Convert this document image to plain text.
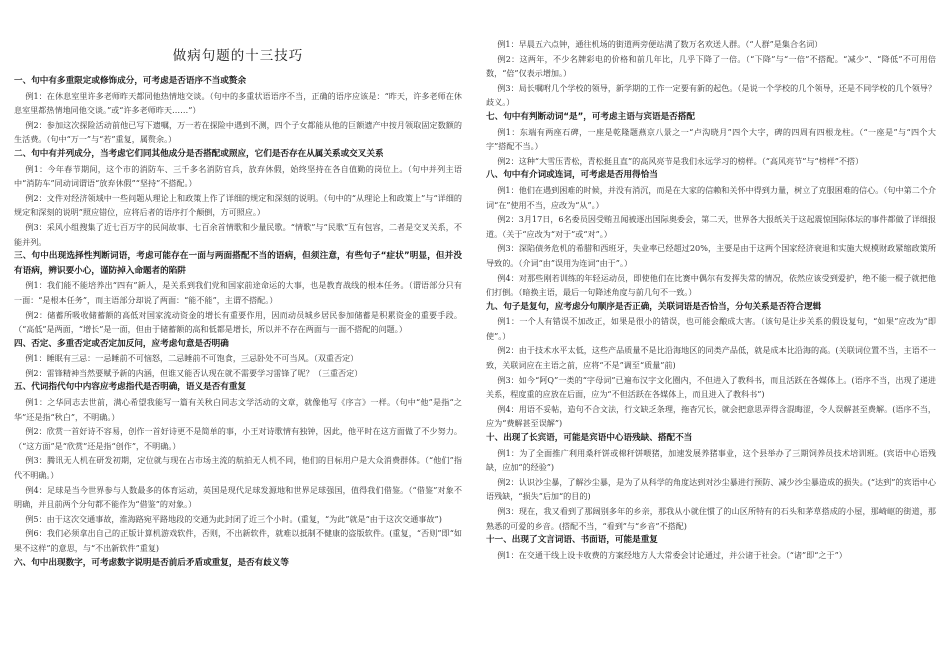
做病句题的十三技巧
一、句中有多重限定或修饰成分，可考虑是否语序不当或赘余
例1：在休息室里许多老师昨天都同他热情地交谈。（句中的多重状语语序不当，正确的语序应该是：“昨天，许多老师在休息室里都热情地同他交谈。”或“许多老师昨天……”）
例2：参加这次探险活动前他已写下遗嘱，万一若在探险中遇到不测，四个子女都能从他的巨额遗产中按月领取固定数额的生活费。（句中“万一”与“若”重复，属赘余。）
二、句中有并列成分，当考虑它们同其他成分是否搭配或照应，它们是否存在从属关系或交叉关系
例1：今年春节期间，这个市的消防车、三千多名消防官兵，放弃休假，始终坚持在各自值勤的岗位上。（句中并列主语中“消防车”同动词谓语“放弃休假”“坚持”不搭配。）
例2：文件对经济领域中一些问题从理论上和政策上作了详细的规定和深刻的说明。（句中的“从理论上和政策上”与“详细的规定和深刻的说明”照应错位，应将后者的语序打个颠倒，方可照应。）
例3：采风小组搜集了近七百万字的民间故事、七百余首情歌和少量民歌。“情歌”与“民歌”互有包容，二者是交叉关系，不能并列。
三、句中出现选择性判断词语，考虑可能存在一面与两面搭配不当的语病，但须注意，有些句子“症状”明显，但并没有语病，辨识要小心，谨防掉入命题者的陷阱
例1：我们能不能培养出“四有”新人，是关系到我们党和国家前途命运的大事，也是教育战线的根本任务。（谓语部分只有一面：“是根本任务”，而主语部分却说了两面：“能不能”，主谓不搭配。）
例2：储蓄所吸收储蓄额的高低对国家流动资金的增长有重要作用，因而动员城乡居民参加储蓄是积累资金的重要手段。（“高低”是两面，“增长”是一面，但由于储蓄额的高和低都是增长，所以并不存在两面与一面不搭配的问题。）
四、否定、多重否定或否定加反问，应考虑句意是否明确
例1：睡眠有三忌：一忌睡前不可恼怒，二忌睡前不可饱食，三忌卧处不可当风。（双重否定）
例2：雷锋精神当然要赋予新的内涵，但谁又能否认现在就不需要学习雷锋了呢？（三重否定）
五、代词指代句中内容应考虑指代是否明确，语义是否有重复
例1：之华同志去世前，满心希望我能写一篇有关秋白同志文学活动的文章，就像他写《序言》一样。（句中“他”是指“之华”还是指“秋白”，不明确。）
例2：欣赏一首好诗不容易，创作一首好诗更不是简单的事，小王对诗歌情有独钟，因此，他平时在这方面做了不少努力。（“这方面”是“欣赏”还是指“创作”，不明确。）
例3：腾讯无人机在研发初期，定位就与现在占市场主流的航拍无人机不同，他们的目标用户是大众消费群体。（“他们”指代不明确。）
例4：足球是当今世界参与人数最多的体育运动，英国是现代足球发源地和世界足球强国，值得我们借鉴。（“借鉴”对象不明确，并且前两个分句都不能作为“借鉴”的对象。）
例5：由于这次交通事故，淮海路宛平路地段的交通为此封闭了近三个小时。(重复，“为此”就是“由于这次交通事故”)
例6：我们必须拿出自己的正版计算机游戏软件，否则，不出新软件，就难以抵制不健康的盗版软件。(重复，“否则”即“如果不这样”的意思，与“不出新软件”重复)
六、句中出现数字，可考虑数字说明是否前后矛盾或重复，是否有歧义等
例1：早晨五六点钟，通往机场的街道两旁便站满了数万名欢送人群。（“人群”是集合名词）
例2：这两年，不少名牌彩电的价格和前几年比，几乎下降了一倍。（“下降”与“一倍”不搭配。“减少”、“降低”不可用倍数，“倍”仅表示增加。）
例3：局长嘱咐几个学校的领导，新学期的工作一定要有新的起色。（是说一个学校的几个领导，还是不同学校的几个领导？歧义。）
七、句中有判断动词“是”，可考虑主语与宾语是否搭配
例1：东端有两座石碑，一座是乾隆题燕京八景之一“卢沟晓月”四个大字，碑的四周有四根龙柱。（“一座是”与“四个大字”搭配不当。）
例2：这种“大雪压青松，青松挺且直”的高风亮节是我们永远学习的榜样。（“高风亮节”与“榜样”不搭）
八、句中有介词或连词，可考虑是否用得恰当
例1：他们在遇到困难的时候，并没有消沉，而是在大家的信赖和关怀中得到力量，树立了克服困难的信心。（句中第二个介词“在”使用不当，应改为“从”。）
例2：3月17日，6名委员因受贿丑闻被逐出国际奥委会，第二天，世界各大报纸关于这起震惊国际体坛的事件都做了详细报道。（关于“应改为“对于”或“对”。）
例3：深陷债务危机的希腊和西班牙，失业率已经超过20%，主要是由于这两个国家经济衰退和实施大规模财政紧缩政策所导致的。（介词“由”误用为连词“由于”。）
例4：对那些刚若训练的年轻运动员，即使他们在比赛中偶尔有发挥失常的情况，依然应该受到爱护，绝不能一棍子就把他们打倒。（暗换主语，最后一句降述角度与前几句不一致。）
九、句子是复句，应考虑分句顺序是否正确，关联词语是否恰当，分句关系是否符合逻辑
例1：一个人有错误不加改正，如果是很小的错误，也可能会酿成大害。（该句是让步关系的假设复句，“如果”应改为“即使”。）
例2：由于技术水平太低，这些产品质量不是比沿海地区的同类产品低，就是成本比沿海的高。(关联词位置不当，主语不一致，关联词应在主语之前，应将“不是”调至“质量”前)
例3：如今“阿Q”一类的“字母词”已遍布汉字文化圈内，不但进入了教科书，而且活跃在各媒体上。(语序不当，出现了递进关系，程度重的应放在后面，应为“不但活跃在各媒体上，而且进入了教科书”)
例4：用语不妥帖，造句不合文法，行文缺乏条理，拖杳冗长，就会把意思弄得含混晦涩，令人误解甚至费解。(语序不当，应为“费解甚至误解”)
十、出现了长宾语，可能是宾语中心语残缺、搭配不当
例1：为了全面推广利用桑秆饼或棉秆饼喂猪，加速发展养猪事业，这个县举办了三期饲养员技术培训班。(宾语中心语残缺，应加“的经验”)
例2：认识沙尘暴，了解沙尘暴，是为了从科学的角度达到对沙尘暴进行预防、减少沙尘暴造成的损失。(“达到”的宾语中心语残缺，“损失”后加“的目的)
例3：现在，我又看到了那阔别多年的乡亲，那我从小就住惯了的山区所特有的石头和茅草搭成的小屋，那崎岖的街道，那熟悉的可爱的乡音。(搭配不当，“看到”与“乡音”不搭配)
十一、出现了文言词语、书面语，可能是重复
例1：在交通干线上设卡收费的方案经地方人大常委会讨论通过，并公诸于社会。（“诸”即“之于”）
